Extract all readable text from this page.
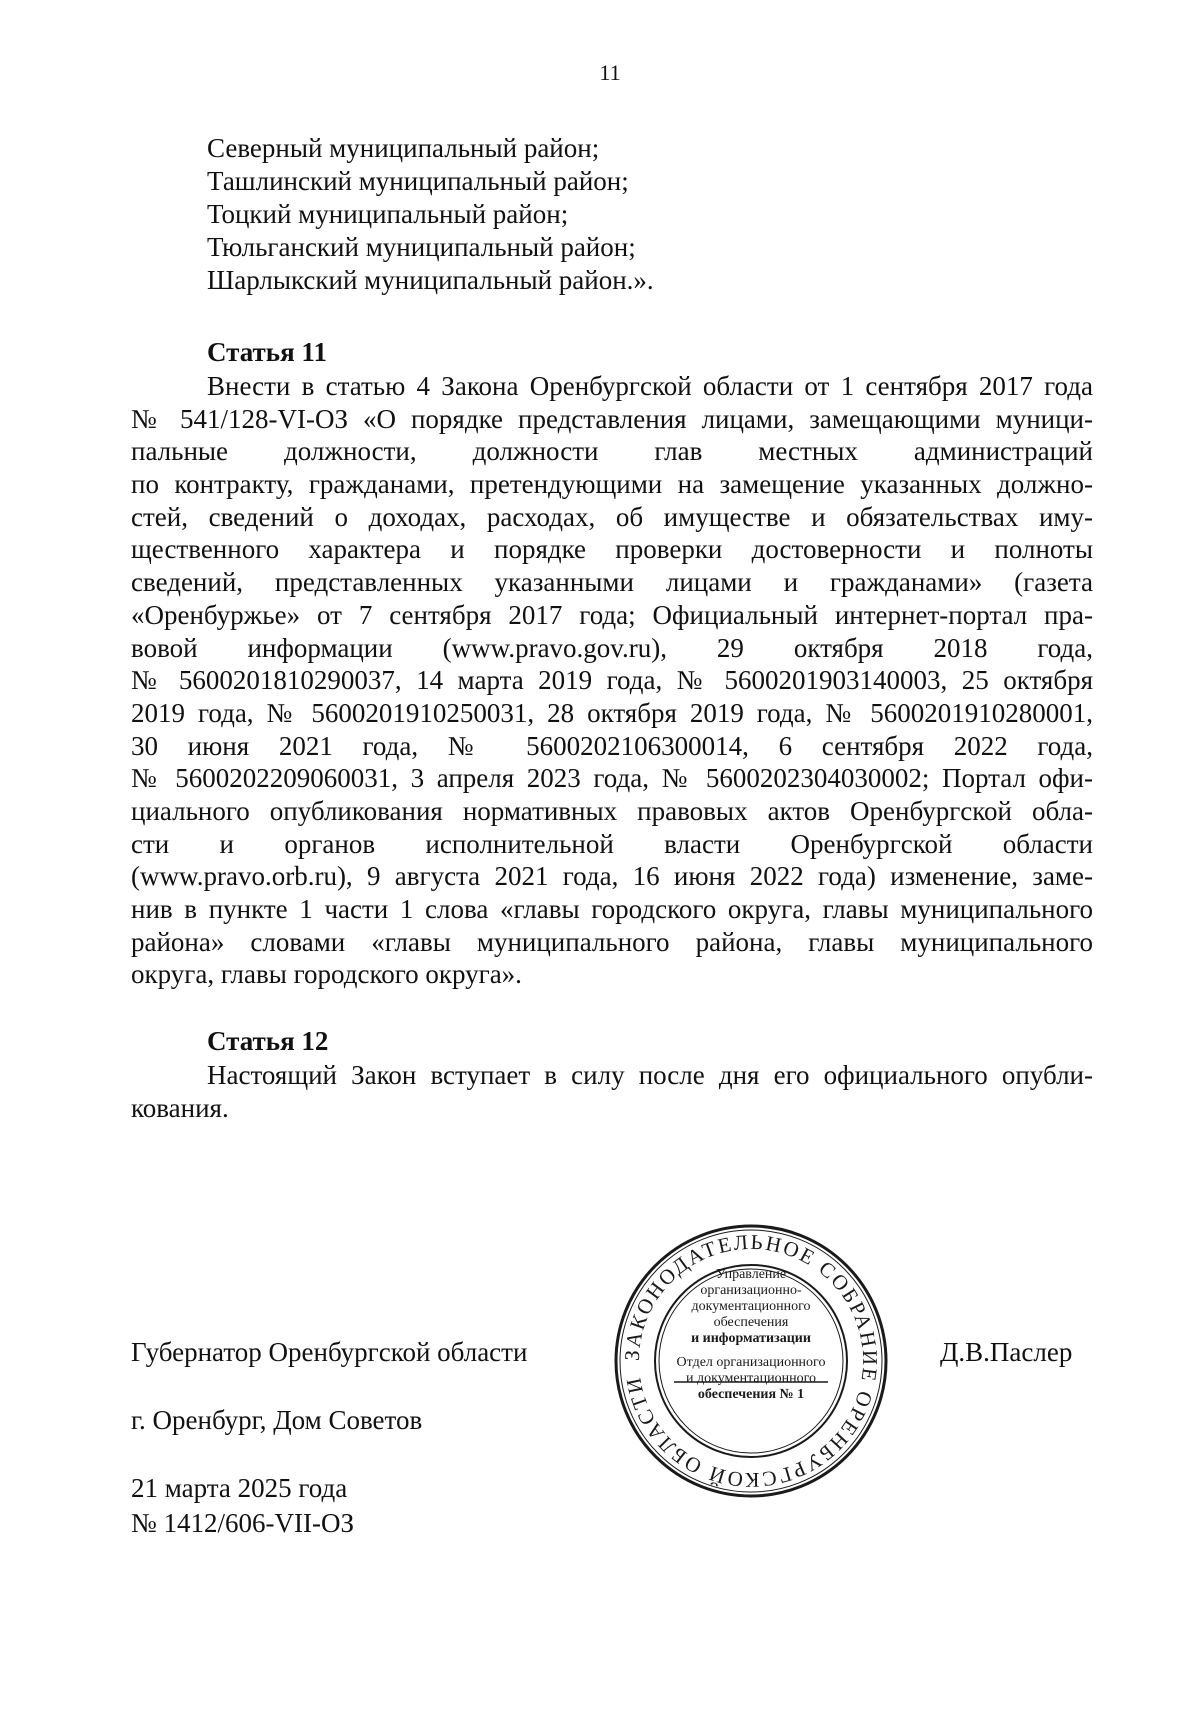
11
Северный муниципальный район;
Ташлинский муниципальный район;
Тоцкий муниципальный район;
Тюльганский муниципальный район;
Шарлыкский муниципальный район.».
Статья 11
Внести в статью 4 Закона Оренбургской области от 1 сентября 2017 года
№ 541/128-VI-ОЗ «О порядке представления лицами, замещающими муници-
пальные должности, должности глав местных администраций
по контракту, гражданами, претендующими на замещение указанных должно-
стей, сведений о доходах, расходах, об имуществе и обязательствах иму-
щественного характера и порядке проверки достоверности и полноты
сведений, представленных указанными лицами и гражданами» (газета
«Оренбуржье» от 7 сентября 2017 года; Официальный интернет-портал пра-
вовой информации (www.pravo.gov.ru), 29 октября 2018 года,
№ 5600201810290037, 14 марта 2019 года, № 5600201903140003, 25 октября
2019 года, № 5600201910250031, 28 октября 2019 года, № 5600201910280001,
30 июня 2021 года, № 5600202106300014, 6 сентября 2022 года,
№ 5600202209060031, 3 апреля 2023 года, № 5600202304030002; Портал офи-
циального опубликования нормативных правовых актов Оренбургской обла-
сти и органов исполнительной власти Оренбургской области
(www.pravo.orb.ru), 9 августа 2021 года, 16 июня 2022 года) изменение, заме-
нив в пункте 1 части 1 слова «главы городского округа, главы муниципального
района» словами «главы муниципального района, главы муниципального
округа, главы городского округа».
Статья 12
Настоящий Закон вступает в силу после дня его официального опубли-
кования.
Губернатор Оренбургской области	Д.В.Паслер
г. Оренбург, Дом Советов
21 марта 2025 года
№ 1412/606-VII-ОЗ
ЗАКОНОДАТЕЛЬНОЕ СОБРАНИЕ ОРЕНБУРГСКОЙ ОБЛАСТИ
Управление
организационно-
документационного
обеспечения
и информатизации
Отдел организационного
и документационного
обеспечения № 1
